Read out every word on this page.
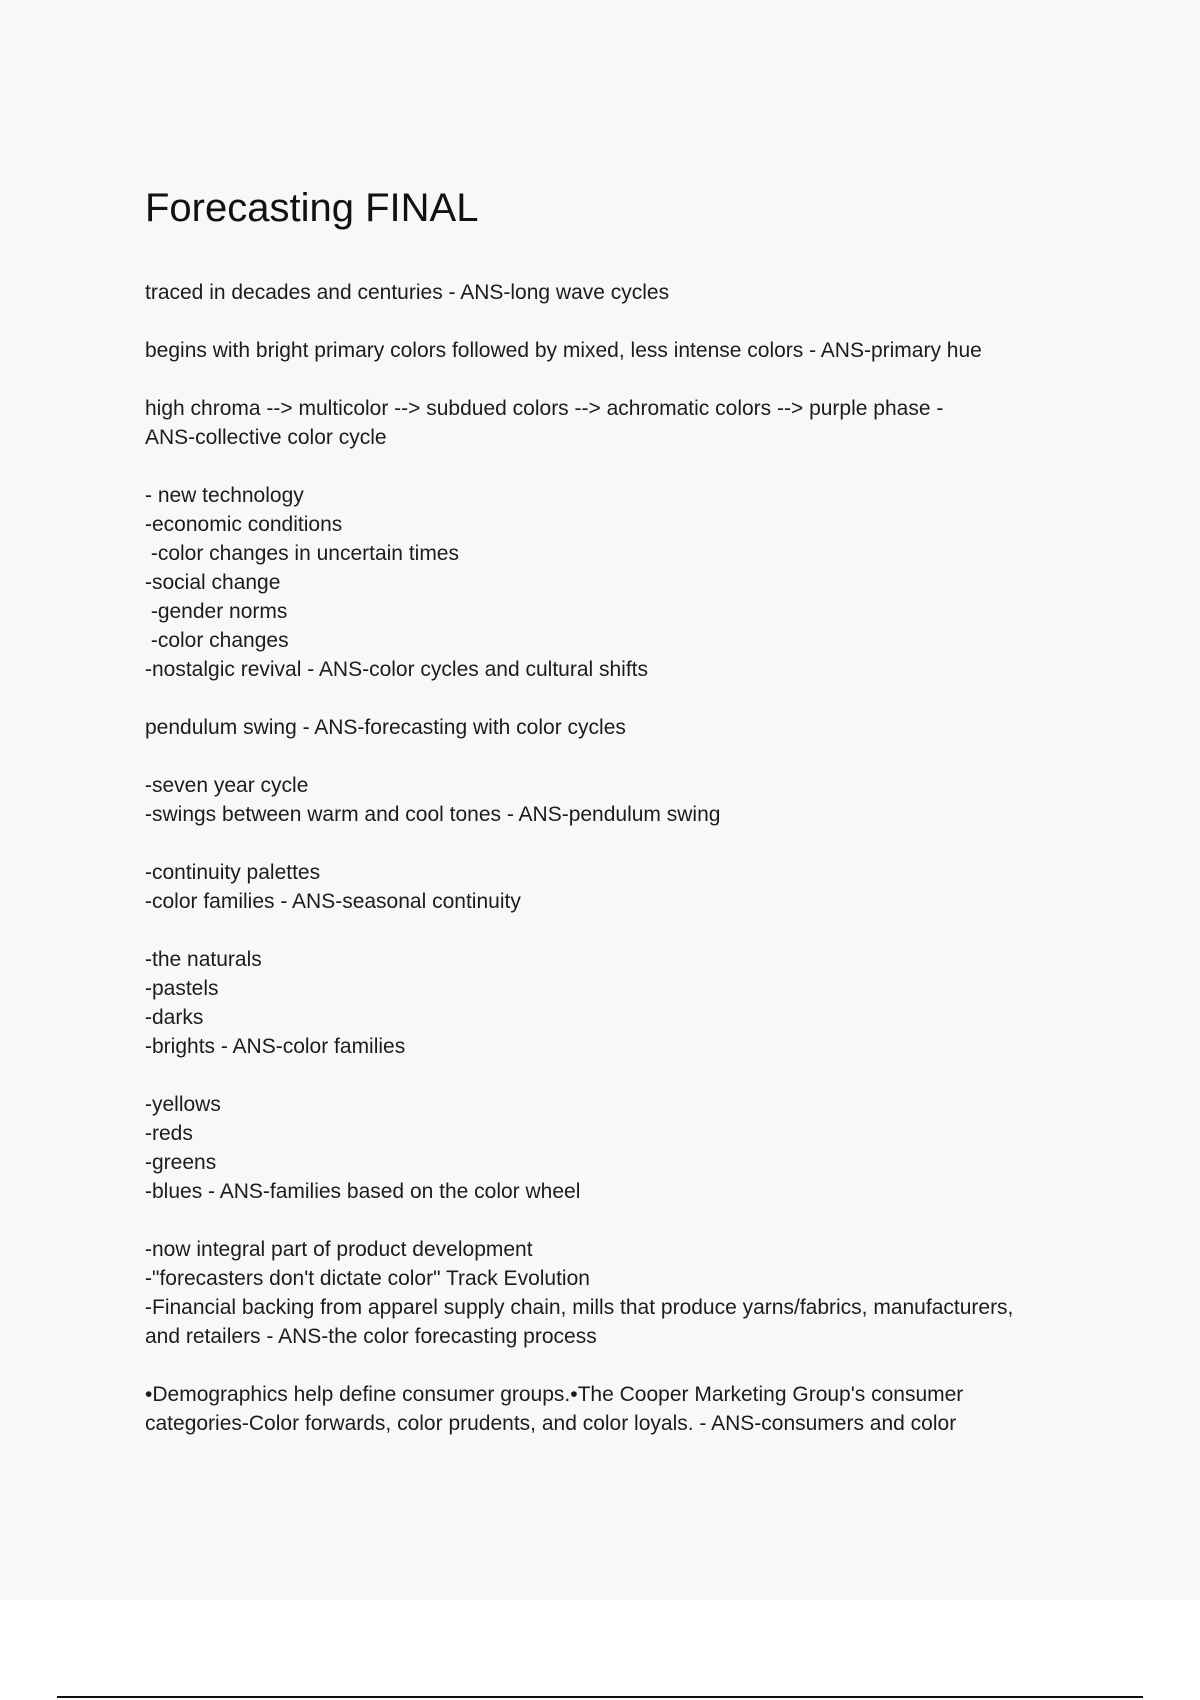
Forecasting FINAL
traced in decades and centuries - ANS-long wave cycles
begins with bright primary colors followed by mixed, less intense colors - ANS-primary hue
high chroma --> multicolor --> subdued colors --> achromatic colors --> purple phase -
ANS-collective color cycle
- new technology
-economic conditions
-color changes in uncertain times
-social change
-gender norms
-color changes
-nostalgic revival - ANS-color cycles and cultural shifts
pendulum swing - ANS-forecasting with color cycles
-seven year cycle
-swings between warm and cool tones - ANS-pendulum swing
-continuity palettes
-color families - ANS-seasonal continuity
-the naturals
-pastels
-darks
-brights - ANS-color families
-yellows
-reds
-greens
-blues - ANS-families based on the color wheel
-now integral part of product development
-"forecasters don't dictate color" Track Evolution
-Financial backing from apparel supply chain, mills that produce yarns/fabrics, manufacturers,
and retailers - ANS-the color forecasting process
•Demographics help define consumer groups.•The Cooper Marketing Group's consumer
categories-Color forwards, color prudents, and color loyals. - ANS-consumers and color
